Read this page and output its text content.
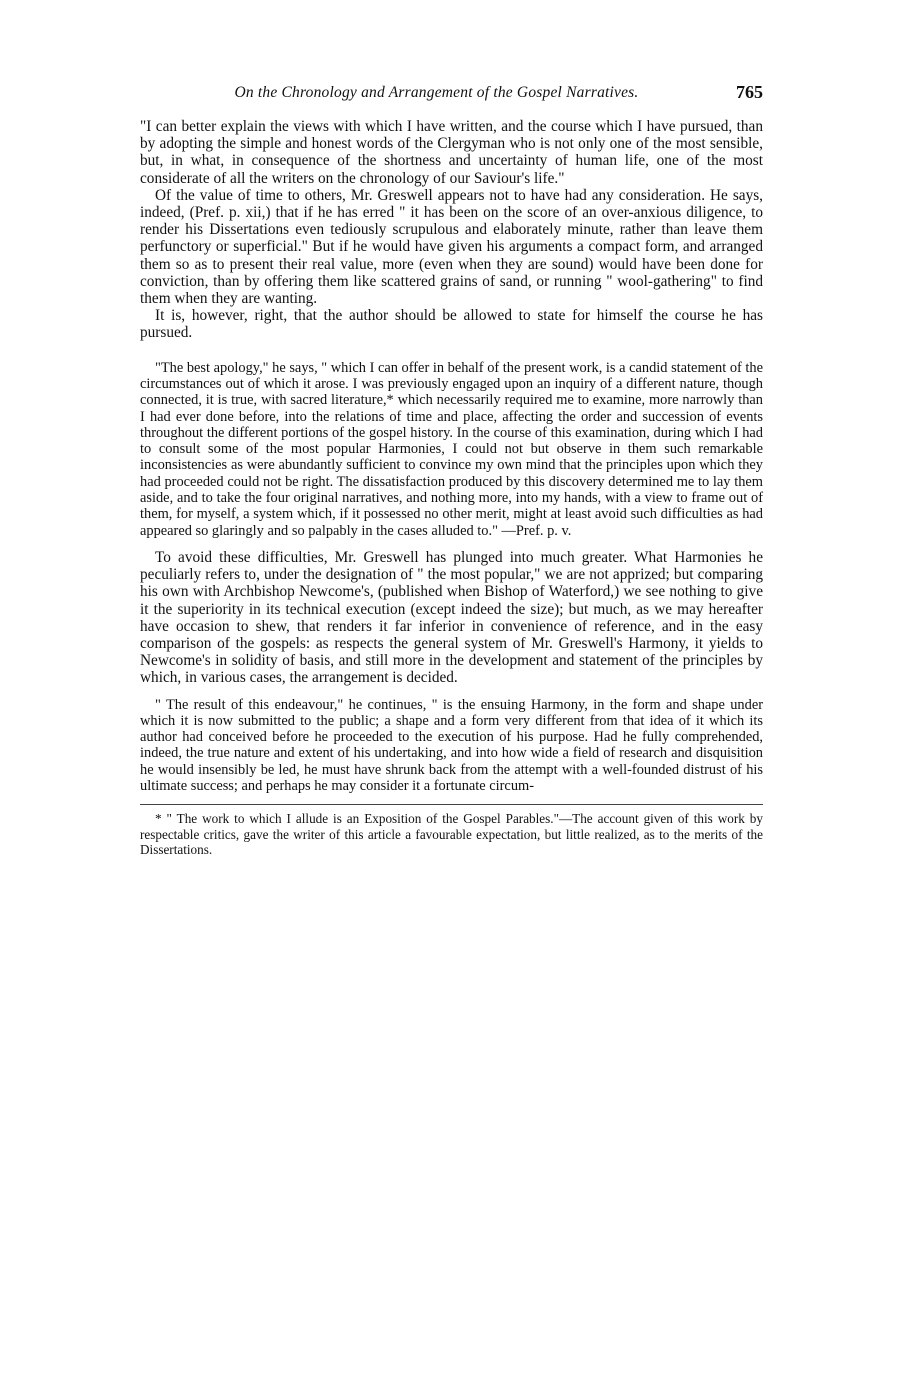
On the Chronology and Arrangement of the Gospel Narratives.	765

"I can better explain the views with which I have written, and the course which I have pursued, than by adopting the simple and honest words of the Clergyman who is not only one of the most sensible, but, in what, in consequence of the shortness and uncertainty of human life, one of the most considerate of all the writers on the chronology of our Saviour's life."

Of the value of time to others, Mr. Greswell appears not to have had any consideration. He says, indeed, (Pref. p. xii,) that if he has erred " it has been on the score of an over-anxious diligence, to render his Dissertations even tediously scrupulous and elaborately minute, rather than leave them perfunctory or superficial." But if he would have given his arguments a compact form, and arranged them so as to present their real value, more (even when they are sound) would have been done for conviction, than by offering them like scattered grains of sand, or running " wool-gathering" to find them when they are wanting.

It is, however, right, that the author should be allowed to state for himself the course he has pursued.

"The best apology," he says, " which I can offer in behalf of the present work, is a candid statement of the circumstances out of which it arose. I was previously engaged upon an inquiry of a different nature, though connected, it is true, with sacred literature,* which necessarily required me to examine, more narrowly than I had ever done before, into the relations of time and place, affecting the order and succession of events throughout the different portions of the gospel history. In the course of this examination, during which I had to consult some of the most popular Harmonies, I could not but observe in them such remarkable inconsistencies as were abundantly sufficient to convince my own mind that the principles upon which they had proceeded could not be right. The dissatisfaction produced by this discovery determined me to lay them aside, and to take the four original narratives, and nothing more, into my hands, with a view to frame out of them, for myself, a system which, if it possessed no other merit, might at least avoid such difficulties as had appeared so glaringly and so palpably in the cases alluded to." —Pref. p. v.

To avoid these difficulties, Mr. Greswell has plunged into much greater. What Harmonies he peculiarly refers to, under the designation of " the most popular," we are not apprized; but comparing his own with Archbishop Newcome's, (published when Bishop of Waterford,) we see nothing to give it the superiority in its technical execution (except indeed the size); but much, as we may hereafter have occasion to shew, that renders it far inferior in convenience of reference, and in the easy comparison of the gospels: as respects the general system of Mr. Greswell's Harmony, it yields to Newcome's in solidity of basis, and still more in the development and statement of the principles by which, in various cases, the arrangement is decided.

" The result of this endeavour," he continues, " is the ensuing Harmony, in the form and shape under which it is now submitted to the public; a shape and a form very different from that idea of it which its author had conceived before he proceeded to the execution of his purpose. Had he fully comprehended, indeed, the true nature and extent of his undertaking, and into how wide a field of research and disquisition he would insensibly be led, he must have shrunk back from the attempt with a well-founded distrust of his ultimate success; and perhaps he may consider it a fortunate circum-

* " The work to which I allude is an Exposition of the Gospel Parables."—The account given of this work by respectable critics, gave the writer of this article a favourable expectation, but little realized, as to the merits of the Dissertations.
